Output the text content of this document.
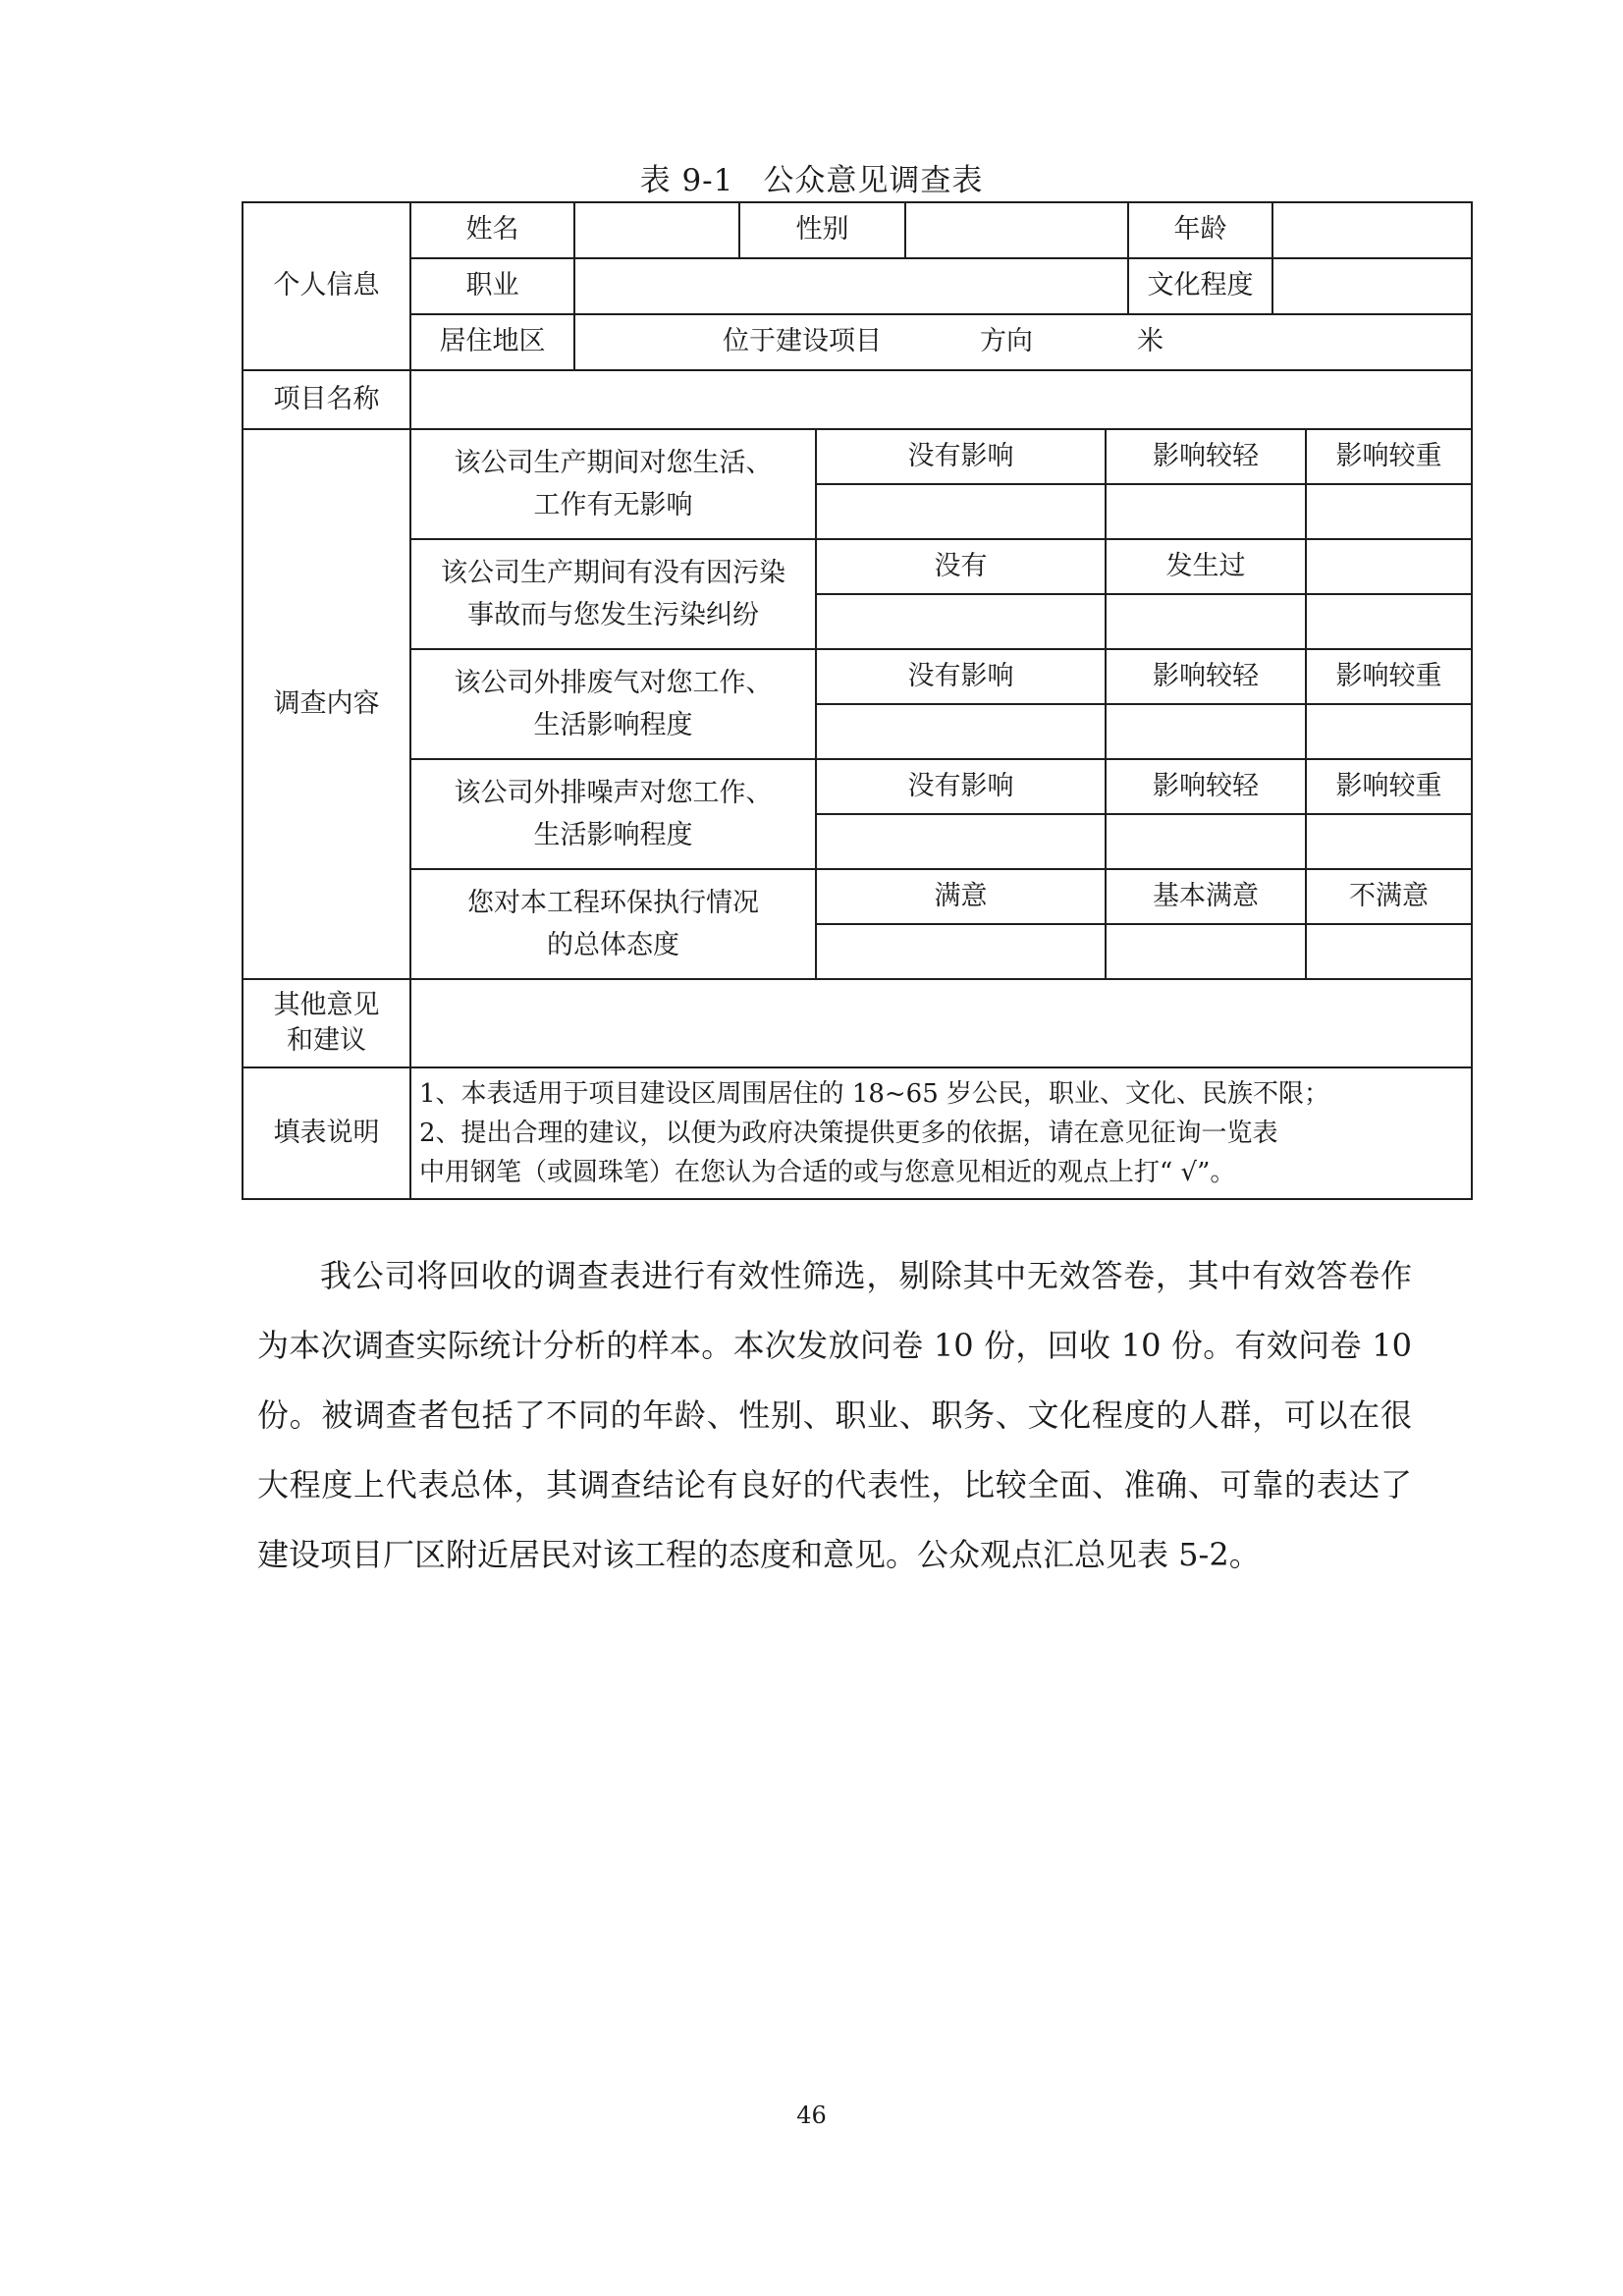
表 9-1 公众意见调查表
个人信息	姓名		性别				年龄		
	职业						文化程度		
	居住地区	位于建设项目 方向 米							

项目名称									
调查内容	该公司生产期间对您生活、
工作有无影响			没有影响		影响较轻			影响较重

	该公司生产期间有没有因污染
事故而与您发生污染纠纷			没有		发生过			

	该公司外排废气对您工作、
生活影响程度			没有影响		影响较轻			影响较重

	该公司外排噪声对您工作、
生活影响程度			没有影响		影响较轻			影响较重

	您对本工程环保执行情况
的总体态度			满意		基本满意			不满意

其他意见
和建议									

填表说明	1、本表适用于项目建设区周围居住的 18~65 岁公民，职业、文化、民族不限；
2、提出合理的建议，以便为政府决策提供更多的依据，请在意见征询一览表
中用钢笔（或圆珠笔）在您认为合适的或与您意见相近的观点上打“ √”。								

我公司将回收的调查表进行有效性筛选，剔除其中无效答卷，其中有效答卷作为本次调查实际统计分析的样本。本次发放问卷 10 份，回收 10 份。有效问卷 10 份。被调查者包括了不同的年龄、性别、职业、职务、文化程度的人群，可以在很大程度上代表总体，其调查结论有良好的代表性，比较全面、准确、可靠的表达了建设项目厂区附近居民对该工程的态度和意见。公众观点汇总见表 5-2。

46
